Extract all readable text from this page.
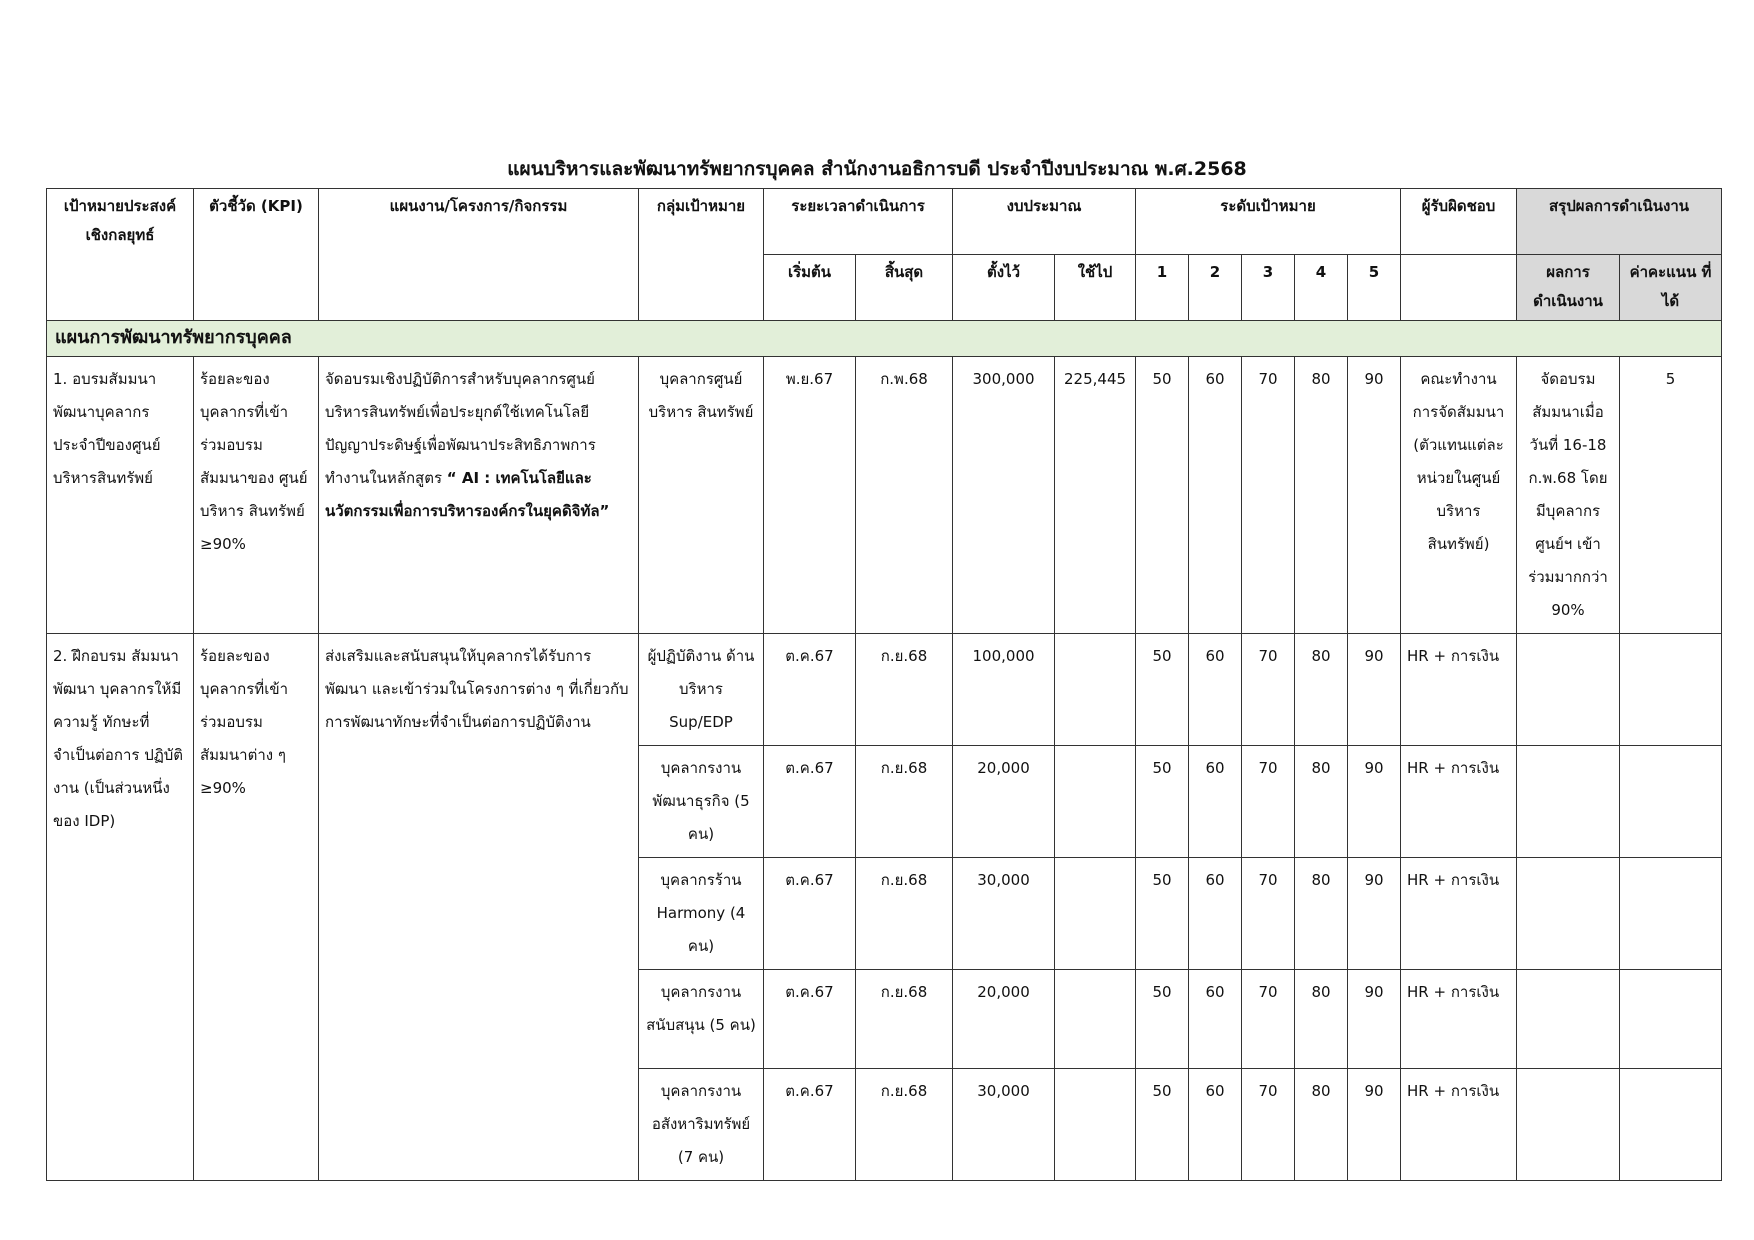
แผนบริหารและพัฒนาทรัพยากรบุคคล สำนักงานอธิการบดี ประจำปีงบประมาณ พ.ศ.2568
เป้าหมายประสงค์ เชิงกลยุทธ์	ตัวชี้วัด (KPI)	แผนงาน/โครงการ/กิจกรรม	กลุ่มเป้าหมาย	ระยะเวลาดำเนินการ		งบประมาณ		ระดับเป้าหมาย					ผู้รับผิดชอบ	สรุปผลการดำเนินงาน	
				เริ่มต้น	สิ้นสุด	ตั้งไว้	ใช้ไป	1	2	3	4	5		ผลการ ดำเนินงาน	ค่าคะแนน ที่ได้
แผนการพัฒนาทรัพยากรบุคคล															
1. อบรมสัมมนา พัฒนาบุคลากร ประจำปีของศูนย์ บริหารสินทรัพย์	ร้อยละของ บุคลากรที่เข้า ร่วมอบรม สัมมนาของ ศูนย์บริหาร สินทรัพย์ ≥90%	จัดอบรมเชิงปฏิบัติการสำหรับบุคลากรศูนย์บริหารสินทรัพย์เพื่อประยุกต์ใช้เทคโนโลยีปัญญาประดิษฐ์เพื่อพัฒนาประสิทธิภาพการทำงานในหลักสูตร “ AI : เทคโนโลยีและนวัตกรรมเพื่อการบริหารองค์กรในยุคดิจิทัล”	บุคลากรศูนย์ บริหาร สินทรัพย์	พ.ย.67	ก.พ.68	300,000	225,445	50	60	70	80	90	คณะทำงาน การจัดสัมมนา (ตัวแทนแต่ละ หน่วยในศูนย์ บริหาร สินทรัพย์)	จัดอบรม สัมมนาเมื่อ วันที่ 16-18 ก.พ.68 โดย มีบุคลากร ศูนย์ฯ เข้า ร่วมมากกว่า 90%	5
2. ฝึกอบรม สัมมนา พัฒนา บุคลากรให้มี ความรู้ ทักษะที่ จำเป็นต่อการ ปฏิบัติงาน (เป็นส่วนหนึ่งของ IDP)	ร้อยละของ บุคลากรที่เข้า ร่วมอบรม สัมมนาต่าง ๆ ≥90%	ส่งเสริมและสนับสนุนให้บุคลากรได้รับการพัฒนา และเข้าร่วมในโครงการต่าง ๆ ที่เกี่ยวกับการพัฒนาทักษะที่จำเป็นต่อการปฏิบัติงาน	ผู้ปฏิบัติงาน ด้านบริหาร Sup/EDP	ต.ค.67	ก.ย.68	100,000		50	60	70	80	90	HR + การเงิน		
			บุคลากรงาน พัฒนาธุรกิจ (5 คน)	ต.ค.67	ก.ย.68	20,000		50	60	70	80	90	HR + การเงิน		
			บุคลากรร้าน Harmony (4 คน)	ต.ค.67	ก.ย.68	30,000		50	60	70	80	90	HR + การเงิน		
			บุคลากรงาน สนับสนุน (5 คน)	ต.ค.67	ก.ย.68	20,000		50	60	70	80	90	HR + การเงิน		
			บุคลากรงาน อสังหาริมทรัพย์ (7 คน)	ต.ค.67	ก.ย.68	30,000		50	60	70	80	90	HR + การเงิน		
